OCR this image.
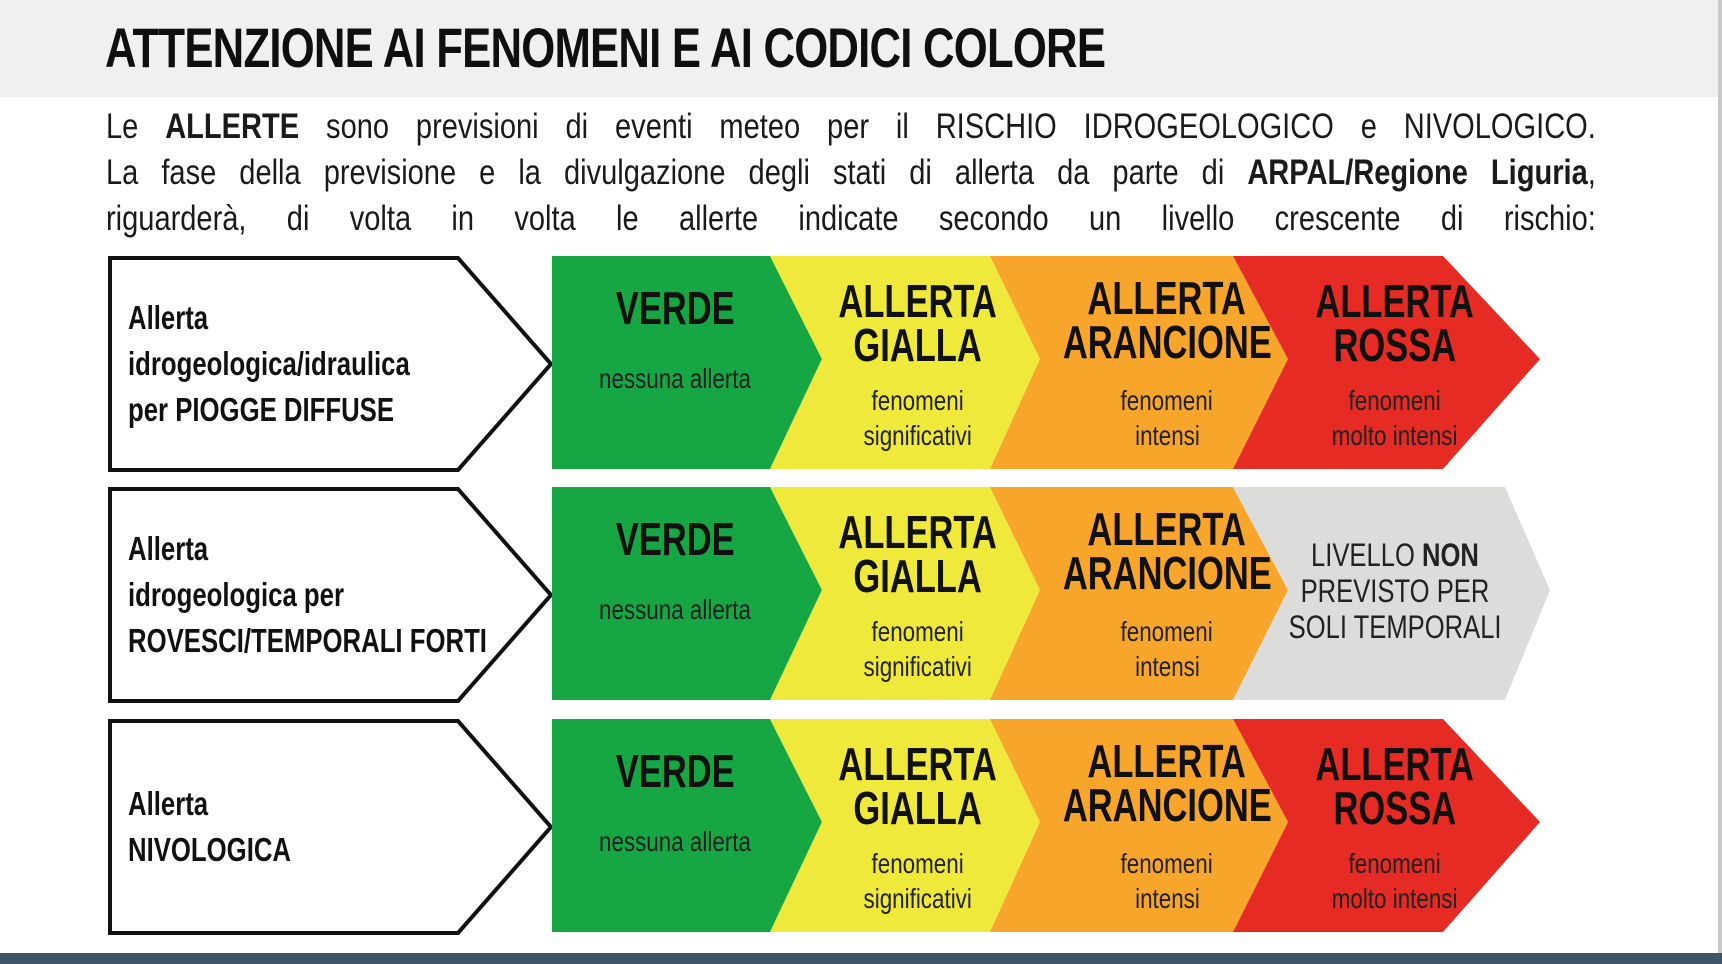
ATTENZIONE AI FENOMENI E AI CODICI COLORE
Le ALLERTE sono previsioni di eventi meteo per il RISCHIO IDROGEOLOGICO e NIVOLOGICO.
La fase della previsione e la divulgazione degli stati di allerta da parte di ARPAL/Regione Liguria,
riguarderà, di volta in volta le allerte indicate secondo un livello crescente di rischio:
Allerta
idrogeologica/idraulica
per PIOGGE DIFFUSE
VERDE
nessuna allerta
ALLERTA
GIALLA
fenomeni
significativi
ALLERTA
ARANCIONE
fenomeni
intensi
ALLERTA
ROSSA
fenomeni
molto intensi
Allerta
idrogeologica per
ROVESCI/TEMPORALI FORTI
VERDE
nessuna allerta
ALLERTA
GIALLA
fenomeni
significativi
ALLERTA
ARANCIONE
fenomeni
intensi
LIVELLO NON
PREVISTO PER
SOLI TEMPORALI
Allerta
NIVOLOGICA
VERDE
nessuna allerta
ALLERTA
GIALLA
fenomeni
significativi
ALLERTA
ARANCIONE
fenomeni
intensi
ALLERTA
ROSSA
fenomeni
molto intensi
